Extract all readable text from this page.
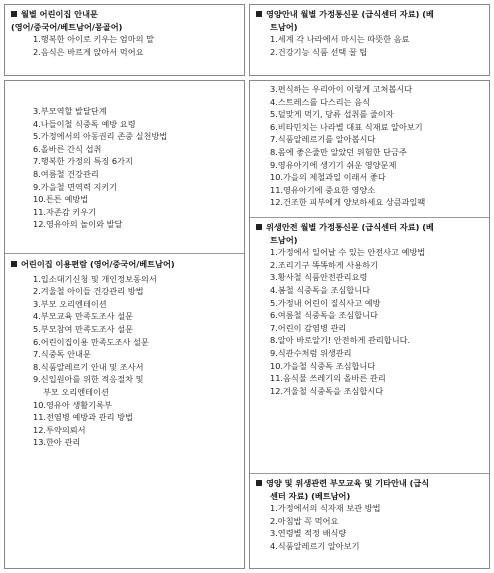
월별 어린이집 안내문
(영어/중국어/베트남어/몽골어)
1.행복한 아이로 키우는 엄마의 말
2.음식은 바르게 앉아서 먹어요
3.부모역할 발달단계
4.나들이철 식중독 예방 요령
5.가정에서의 아동권리 존중 실천방법
6.올바른 간식 섭취
7.행복한 가정의 특징 6가지
8.여름철 건강관리
9.가을철 면역력 지키기
10.튼튼 예방법
11.자존감 키우기
12.영유아의 놀이와 발달
어린이집 이용편람 (영어/중국어/베트남어)
1.입소대기신청 및 개인정보동의서
2.겨울철 아이들 건강관리 방법
3.부모 오리엔테이션
4.부모교육 만족도조사 설문
5.부모참여 만족도조사 설문
6.어린이집이용 만족도조사 설문
7.식중독 안내문
8.식품알레르기 안내 및 조사서
9.신입원아를 위한 적응절차 및
부모 오리엔테이션
10.영유아 생활기록부
11.전염병 예방과 관리 방법
12.투약의뢰서
13.한아 관리
영양안내 월별 가정통신문 (급식센터 자료) (베
트남어)
1.세계 각 나라에서 마시는 따뜻한 음료
2.건강기능 식품 선택 꿀 팁
3.편식하는 우리아이 이렇게 고쳐봅시다
4.스트레스를 다스리는 음식
5.덜맞게 먹기, 당류 섭취를 줄이자
6.비타민치는 나라별 대표 식재료 알아보기
7.식품알레르기를 알아봅시다
8.몸에 좋은줄만 알았던 위험한 단금주
9.영유아기에 생기기 쉬운 영양문제
10.가을의 제철과일 이래서 좋다
11.영유아기에 중요한 영양소
12.건조한 피부에게 양보하세요 상큼과일팩
위생안전 월별 가정통신문 (급식센터 자료) (베
트남어)
1.가정에서 일어날 수 있는 안전사고 예방법
2.조리기구 똑똑하게 사용하기
3.황사철 식품안전관리요령
4.봄철 식중독을 조심합니다
5.가정내 어린이 질식사고 예방
6.여름철 식중독을 조심합니다
7.어린이 감염병 관리
8.알아 바로알기! 안전하게 관리합니다.
9.식관수처럼 위생관리
10.가을철 식중독 조심합니다
11.음식물 쓰레기의 올바른 관리
12.겨울철 식중독을 조심합시다
영양 및 위생관련 부모교육 및 기타안내 (급식
센터 자료) (베트남어)
1.가정에서의 식자재 보관 방법
2.아침밥 꼭 먹어요
3.연령별 적정 배식량
4.식품알레르기 알아보기
